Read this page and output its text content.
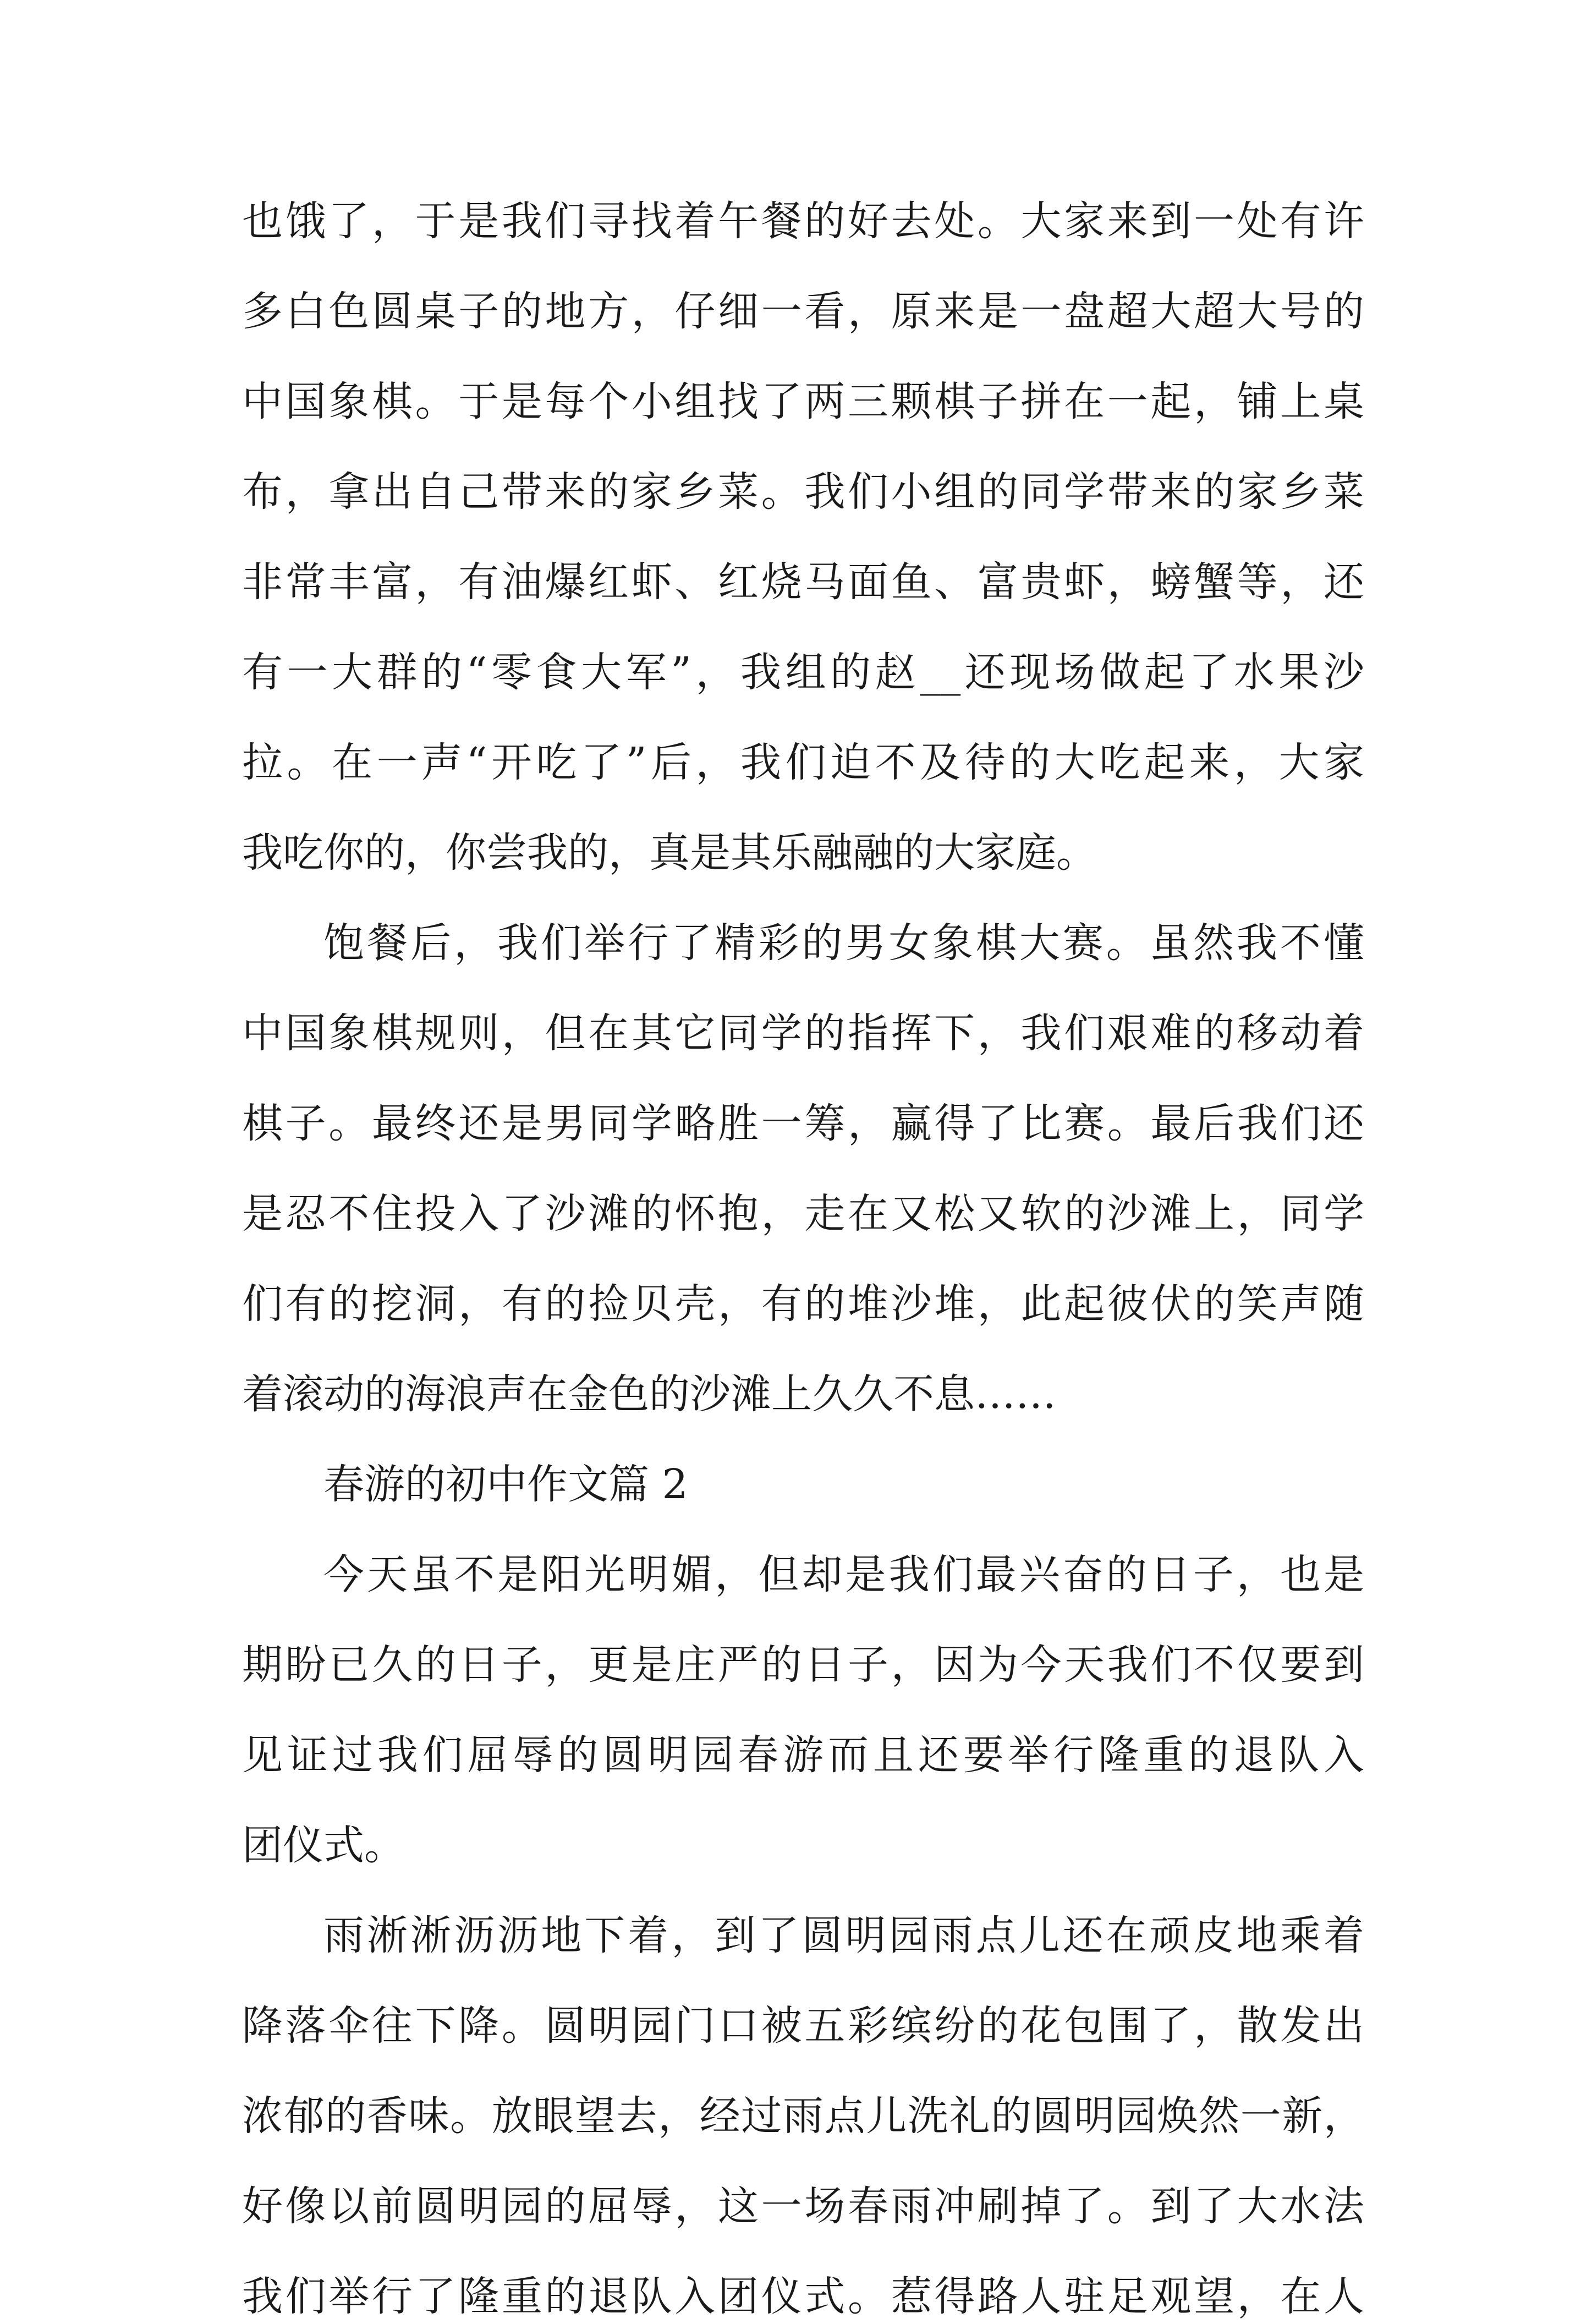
也饿了，于是我们寻找着午餐的好去处。大家来到一处有许
多白色圆桌子的地方，仔细一看，原来是一盘超大超大号的
中国象棋。于是每个小组找了两三颗棋子拼在一起，铺上桌
布，拿出自己带来的家乡菜。我们小组的同学带来的家乡菜
非常丰富，有油爆红虾、红烧马面鱼、富贵虾，螃蟹等，还
有一大群的“零食大军”，我组的赵__还现场做起了水果沙
拉。在一声“开吃了”后，我们迫不及待的大吃起来，大家
我吃你的，你尝我的，真是其乐融融的大家庭。
饱餐后，我们举行了精彩的男女象棋大赛。虽然我不懂
中国象棋规则，但在其它同学的指挥下，我们艰难的移动着
棋子。最终还是男同学略胜一筹，赢得了比赛。最后我们还
是忍不住投入了沙滩的怀抱，走在又松又软的沙滩上，同学
们有的挖洞，有的捡贝壳，有的堆沙堆，此起彼伏的笑声随
着滚动的海浪声在金色的沙滩上久久不息……
春游的初中作文篇 2
今天虽不是阳光明媚，但却是我们最兴奋的日子，也是
期盼已久的日子，更是庄严的日子，因为今天我们不仅要到
见证过我们屈辱的圆明园春游而且还要举行隆重的退队入
团仪式。
雨淅淅沥沥地下着，到了圆明园雨点儿还在顽皮地乘着
降落伞往下降。圆明园门口被五彩缤纷的花包围了，散发出
浓郁的香味。放眼望去，经过雨点儿洗礼的圆明园焕然一新，
好像以前圆明园的屈辱，这一场春雨冲刷掉了。到了大水法
我们举行了隆重的退队入团仪式。惹得路人驻足观望，在人
